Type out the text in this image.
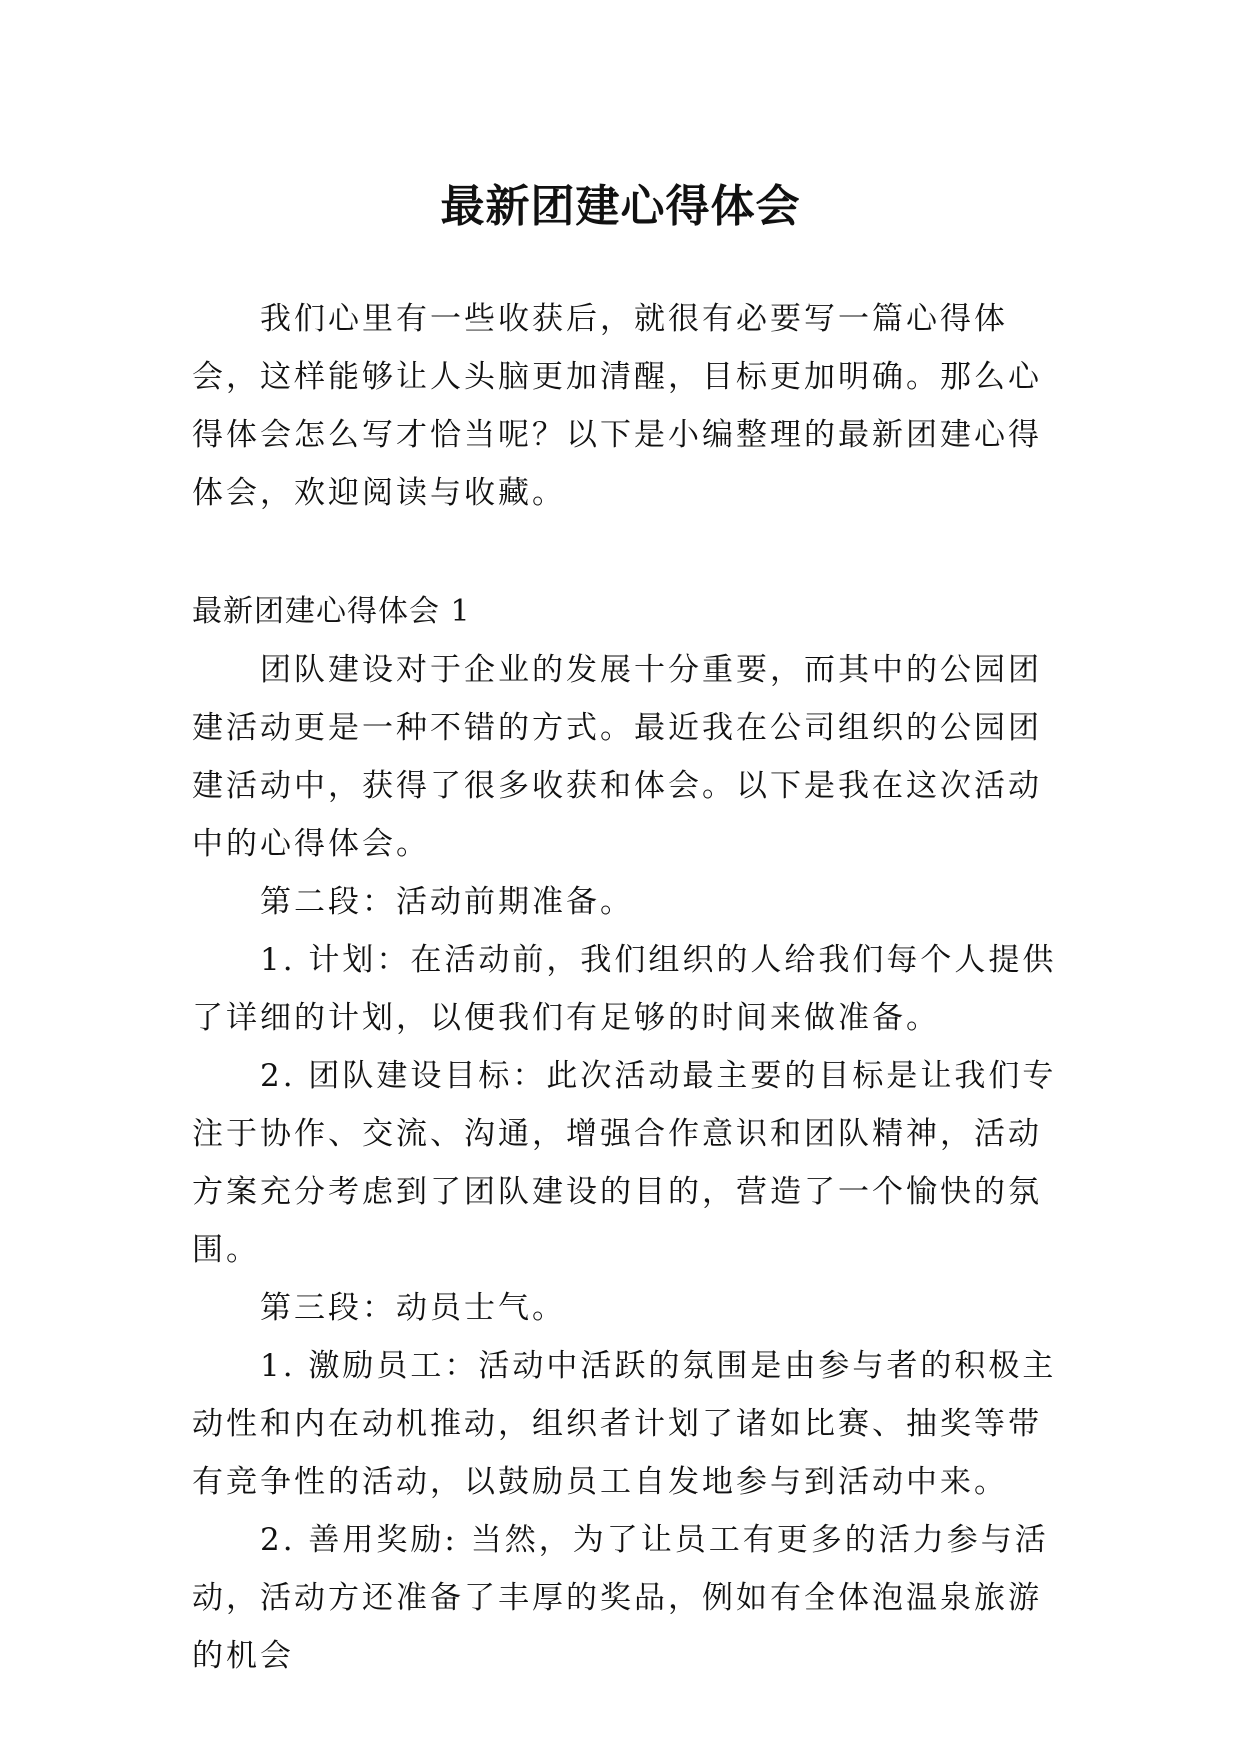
最新团建心得体会

我们心里有一些收获后，就很有必要写一篇心得体会，这样能够让人头脑更加清醒，目标更加明确。那么心得体会怎么写才恰当呢？以下是小编整理的最新团建心得体会，欢迎阅读与收藏。

最新团建心得体会 1

团队建设对于企业的发展十分重要，而其中的公园团建活动更是一种不错的方式。最近我在公司组织的公园团建活动中，获得了很多收获和体会。以下是我在这次活动中的心得体会。

第二段：活动前期准备。

1. 计划：在活动前，我们组织的人给我们每个人提供了详细的计划，以便我们有足够的时间来做准备。

2. 团队建设目标：此次活动最主要的目标是让我们专注于协作、交流、沟通，增强合作意识和团队精神，活动方案充分考虑到了团队建设的目的，营造了一个愉快的氛围。

第三段：动员士气。

1. 激励员工：活动中活跃的氛围是由参与者的积极主动性和内在动机推动，组织者计划了诸如比赛、抽奖等带有竞争性的活动，以鼓励员工自发地参与到活动中来。

2. 善用奖励: 当然，为了让员工有更多的活力参与活动，活动方还准备了丰厚的奖品，例如有全体泡温泉旅游的机会
